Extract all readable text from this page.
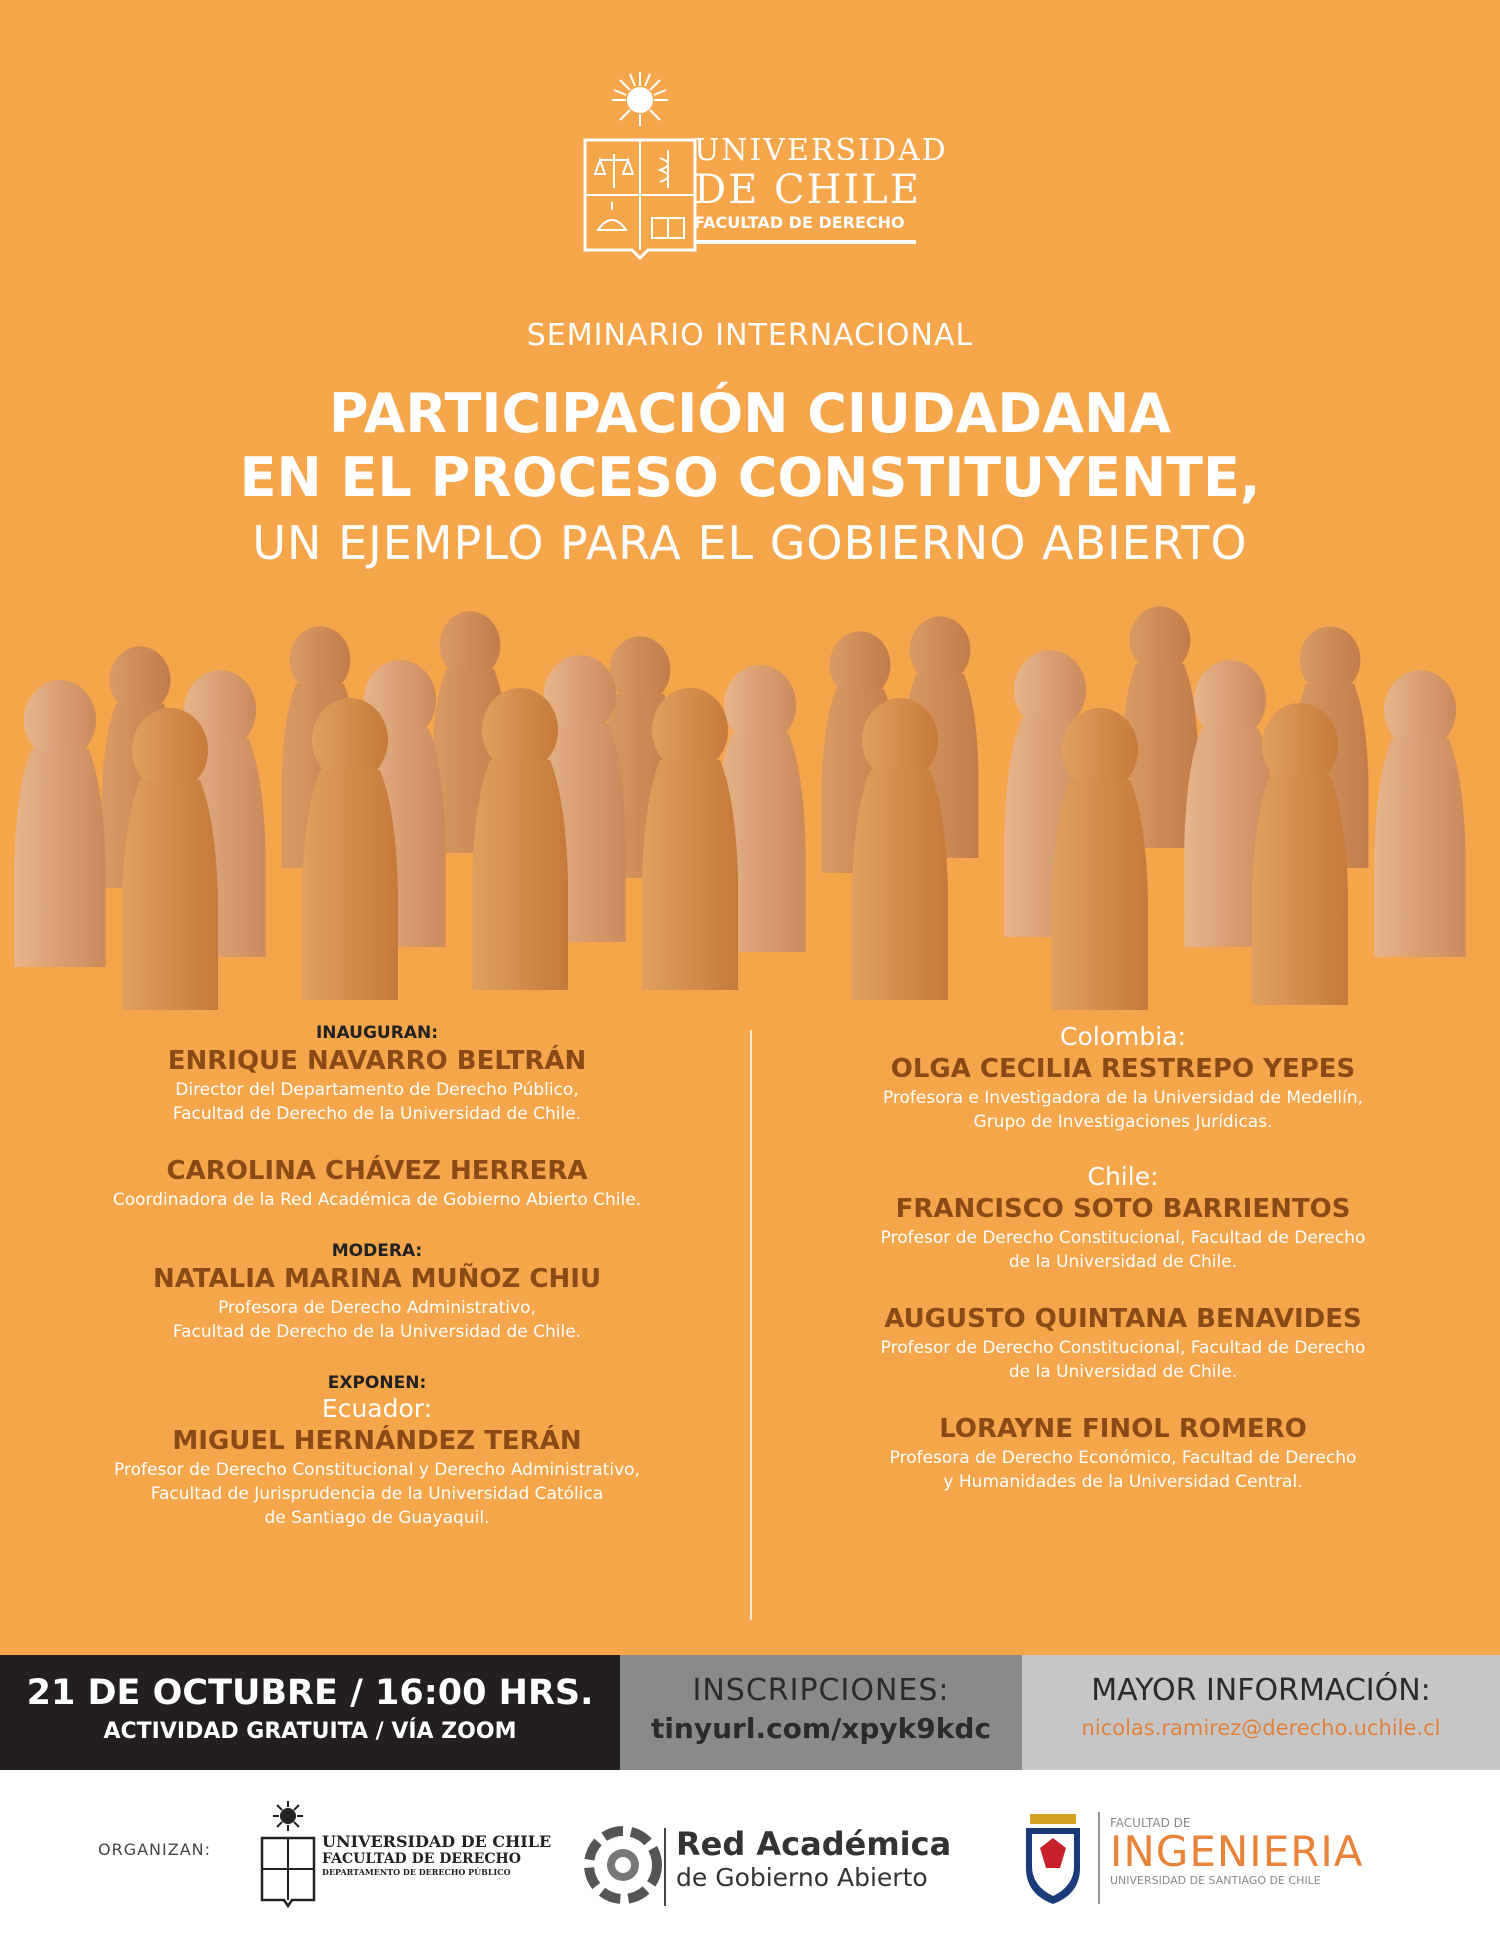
UNIVERSIDAD
DE CHILE
FACULTAD DE DERECHO
SEMINARIO INTERNACIONAL
PARTICIPACIÓN CIUDADANA
EN EL PROCESO CONSTITUYENTE,
UN EJEMPLO PARA EL GOBIERNO ABIERTO
INAUGURAN:
ENRIQUE NAVARRO BELTRÁN
Director del Departamento de Derecho Público,
Facultad de Derecho de la Universidad de Chile.
CAROLINA CHÁVEZ HERRERA
Coordinadora de la Red Académica de Gobierno Abierto Chile.
MODERA:
NATALIA MARINA MUÑOZ CHIU
Profesora de Derecho Administrativo,
Facultad de Derecho de la Universidad de Chile.
EXPONEN:
Ecuador:
MIGUEL HERNÁNDEZ TERÁN
Profesor de Derecho Constitucional y Derecho Administrativo,
Facultad de Jurisprudencia de la Universidad Católica
de Santiago de Guayaquil.
Colombia:
OLGA CECILIA RESTREPO YEPES
Profesora e Investigadora de la Universidad de Medellín,
Grupo de Investigaciones Jurídicas.
Chile:
FRANCISCO SOTO BARRIENTOS
Profesor de Derecho Constitucional, Facultad de Derecho
de la Universidad de Chile.
AUGUSTO QUINTANA BENAVIDES
Profesor de Derecho Constitucional, Facultad de Derecho
de la Universidad de Chile.
LORAYNE FINOL ROMERO
Profesora de Derecho Económico, Facultad de Derecho
y Humanidades de la Universidad Central.
21 DE OCTUBRE / 16:00 HRS.
ACTIVIDAD GRATUITA / VÍA ZOOM
INSCRIPCIONES:
tinyurl.com/xpyk9kdc
MAYOR INFORMACIÓN:
nicolas.ramirez@derecho.uchile.cl
ORGANIZAN:	UNIVERSIDAD DE CHILE
FACULTAD DE DERECHO
DEPARTAMENTO DE DERECHO PÚBLICO
Red Académica
de Gobierno Abierto
FACULTAD DE
INGENIERIA
UNIVERSIDAD DE SANTIAGO DE CHILE
